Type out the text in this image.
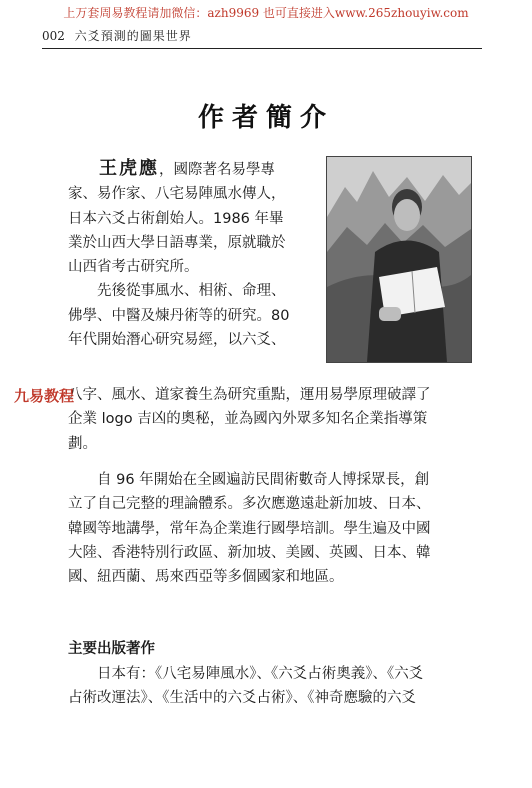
上万套周易教程请加微信：azh9969 也可直接进入www.265zhouyiw.com
002 六爻預測的圖果世界
作者簡介
王虎應，國際著名易學專
家、易作家、八宅易陣風水傳人，
日本六爻占術創始人。1986 年畢
業於山西大學日語專業，原就職於
山西省考古研究所。
先後從事風水、相術、命理、
佛學、中醫及煉丹術等的研究。80
年代開始潛心研究易經，以六爻、
八字、風水、道家養生為研究重點，運用易學原理破譯了
企業 logo 吉凶的奧秘，並為國內外眾多知名企業指導策
劃。
九易教程
自 96 年開始在全國遍訪民間術數奇人博採眾長，創
立了自己完整的理論體系。多次應邀遠赴新加坡、日本、
韓國等地講學，常年為企業進行國學培訓。學生遍及中國
大陸、香港特別行政區、新加坡、美國、英國、日本、韓
國、紐西蘭、馬來西亞等多個國家和地區。
主要出版著作
日本有：《八宅易陣風水》、《六爻占術奧義》、《六爻
占術改運法》、《生活中的六爻占術》、《神奇應驗的六爻
